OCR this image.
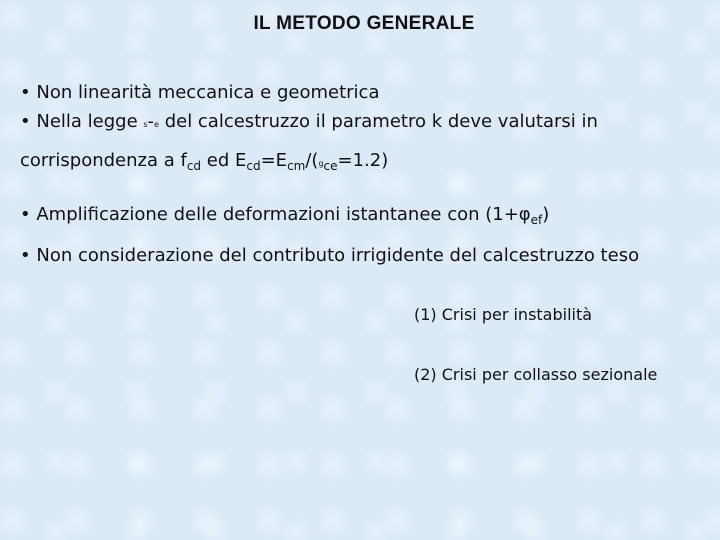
IL METODO GENERALE
• Non linearità meccanica e geometrica
• Nella legge s-e del calcestruzzo il parametro k deve valutarsi in
corrispondenza a $f_{cd}$ ed $E_{cd}=E_{cm}/(g_{ce}=1.2)$
• Amplificazione delle deformazioni istantanee con $(1+\varphi_{ef})$
• Non considerazione del contributo irrigidente del calcestruzzo teso
(1) Crisi per instabilità
(2) Crisi per collasso sezionale
